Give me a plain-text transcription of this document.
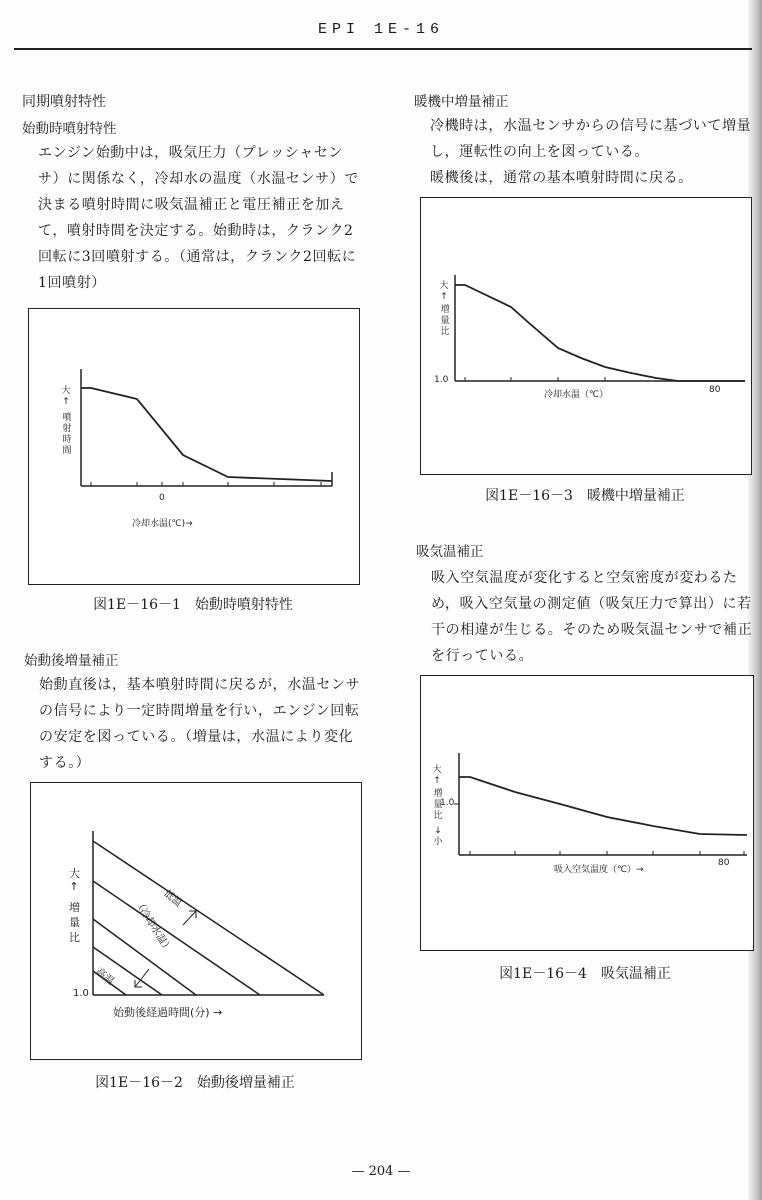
EPI 1E-16
同期噴射特性
始動時噴射特性
エンジン始動中は，吸気圧力（プレッシャセン
サ）に関係なく，冷却水の温度（水温センサ）で
決まる噴射時間に吸気温補正と電圧補正を加え
て，噴射時間を決定する。始動時は，クランク2
回転に3回噴射する。（通常は，クランク2回転に
1回噴射）
大↑
噴
射
時
間
0
冷却水温(℃)→
図1E－16－1　始動時噴射特性
始動後増量補正
始動直後は，基本噴射時間に戻るが，水温センサ
の信号により一定時間増量を行い，エンジン回転
の安定を図っている。（増量は，水温により変化
する。）
大↑
増
量
比
1.0
始動後経過時間(分) →
低温
（冷却水温）
高温
図1E－16－2　始動後増量補正
暖機中増量補正
冷機時は，水温センサからの信号に基づいて増量
し，運転性の向上を図っている。
暖機後は，通常の基本噴射時間に戻る。
大↑
増
量
比
1.0
冷却水温（℃）	80
図1E－16－3　暖機中増量補正
吸気温補正
吸入空気温度が変化すると空気密度が変わるた
め，吸入空気量の測定値（吸気圧力で算出）に若
干の相違が生じる。そのため吸気温センサで補正
を行っている。
大↑
増
量
比
↓小
1.0
吸入空気温度（℃）→
80
図1E－16－4　吸気温補正
— 204 —
